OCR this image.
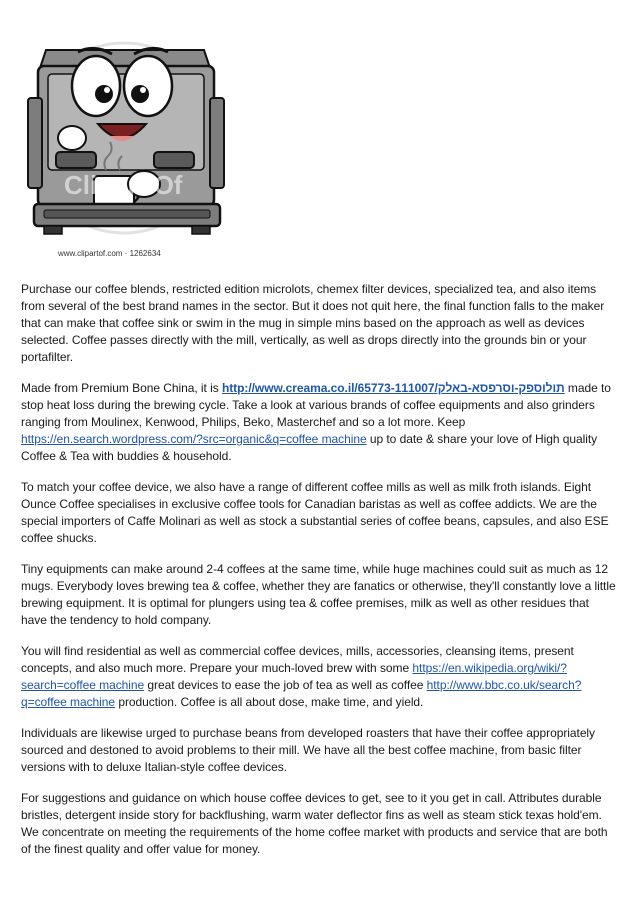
Clipart Of
www.clipartof.com · 1262634

Purchase our coffee blends, restricted edition microlots, chemex filter devices, specialized tea, and also items from several of the best brand names in the sector. But it does not quit here, the final function falls to the maker that can make that coffee sink or swim in the mug in simple mins based on the approach as well as devices selected. Coffee passes directly with the mill, vertically, as well as drops directly into the grounds bin or your portafilter.

Made from Premium Bone China, it is http://www.creama.co.il/65773-תולוספק-וסרפסא-באלק/111007 made to stop heat loss during the brewing cycle. Take a look at various brands of coffee equipments and also grinders ranging from Moulinex, Kenwood, Philips, Beko, Masterchef and so a lot more. Keep https://en.search.wordpress.com/?src=organic&q=coffee machine up to date & share your love of High quality Coffee & Tea with buddies & household.

To match your coffee device, we also have a range of different coffee mills as well as milk froth islands. Eight Ounce Coffee specialises in exclusive coffee tools for Canadian baristas as well as coffee addicts. We are the special importers of Caffe Molinari as well as stock a substantial series of coffee beans, capsules, and also ESE coffee shucks.

Tiny equipments can make around 2-4 coffees at the same time, while huge machines could suit as much as 12 mugs. Everybody loves brewing tea & coffee, whether they are fanatics or otherwise, they'll constantly love a little brewing equipment. It is optimal for plungers using tea & coffee premises, milk as well as other residues that have the tendency to hold company.

You will find residential as well as commercial coffee devices, mills, accessories, cleansing items, present concepts, and also much more. Prepare your much-loved brew with some https://en.wikipedia.org/wiki/?search=coffee machine great devices to ease the job of tea as well as coffee http://www.bbc.co.uk/search?q=coffee machine production. Coffee is all about dose, make time, and yield.

Individuals are likewise urged to purchase beans from developed roasters that have their coffee appropriately sourced and destoned to avoid problems to their mill. We have all the best coffee machine, from basic filter versions with to deluxe Italian-style coffee devices.

For suggestions and guidance on which house coffee devices to get, see to it you get in call. Attributes durable bristles, detergent inside story for backflushing, warm water deflector fins as well as steam stick texas hold'em. We concentrate on meeting the requirements of the home coffee market with products and service that are both of the finest quality and offer value for money.
